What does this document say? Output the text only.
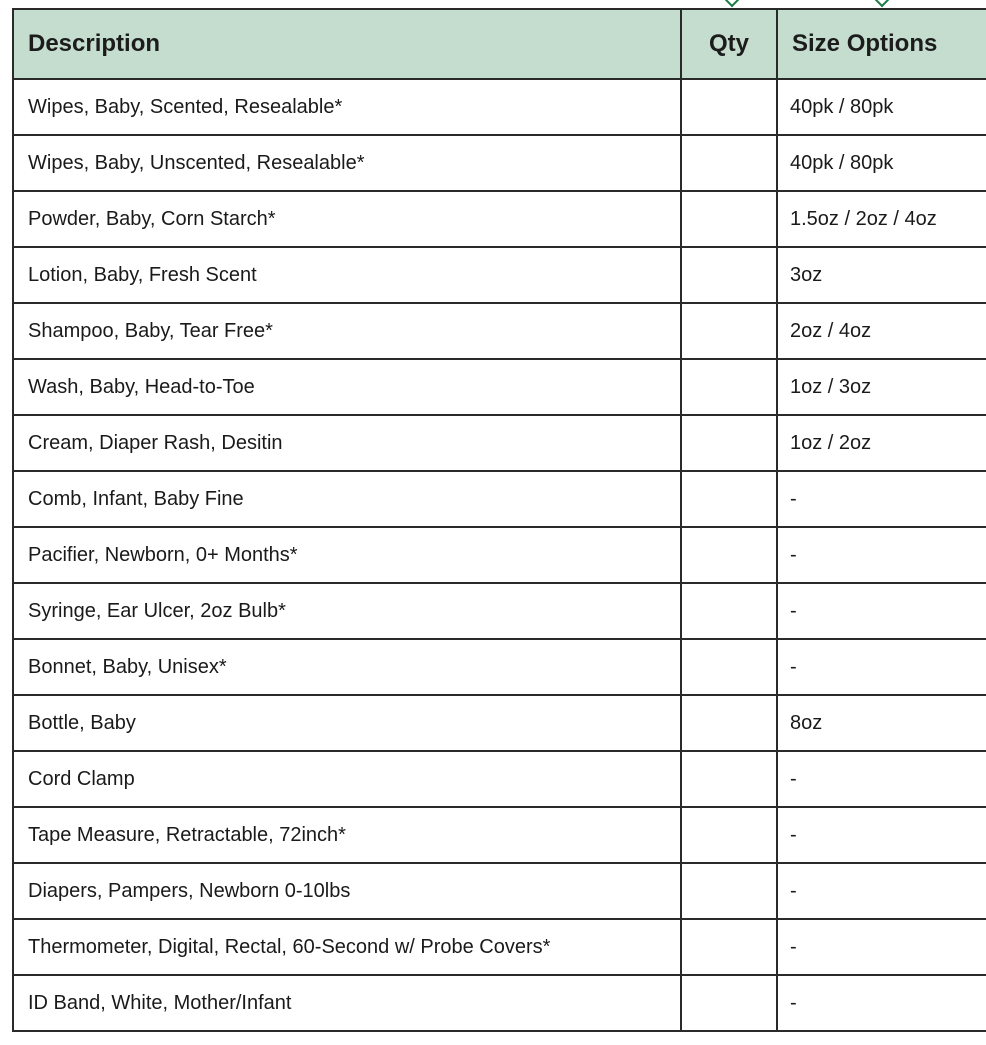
Description	Qty	Size Options
Wipes, Baby, Scented, Resealable*		40pk / 80pk
Wipes, Baby, Unscented, Resealable*		40pk / 80pk
Powder, Baby, Corn Starch*		1.5oz / 2oz / 4oz
Lotion, Baby, Fresh Scent		3oz
Shampoo, Baby, Tear Free*		2oz / 4oz
Wash, Baby, Head-to-Toe		1oz / 3oz
Cream, Diaper Rash, Desitin		1oz / 2oz
Comb, Infant, Baby Fine		-
Pacifier, Newborn, 0+ Months*		-
Syringe, Ear Ulcer, 2oz Bulb*		-
Bonnet, Baby, Unisex*		-
Bottle, Baby		8oz
Cord Clamp		-
Tape Measure, Retractable, 72inch*		-
Diapers, Pampers, Newborn 0-10lbs		-
Thermometer, Digital, Rectal, 60-Second w/ Probe Covers*		-
ID Band, White, Mother/Infant		-
